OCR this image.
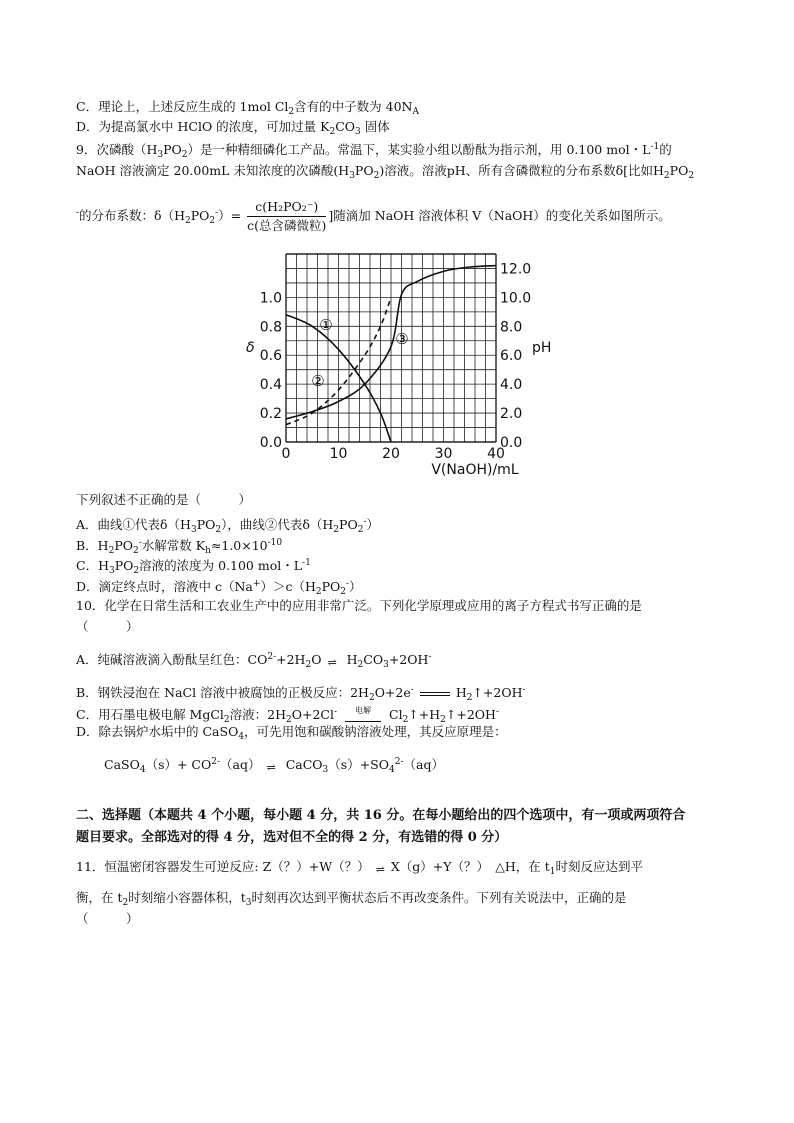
C．理论上，上述反应生成的 1mol $Cl_2$含有的中子数为 $40N_A$
D．为提高氯水中 HClO 的浓度，可加过量 $K_2CO_3$ 固体
9．次磷酸$(H_3PO_2)$是一种精细磷化工产品。常温下，某实验小组以酚酞为指示剂，用 0.100 mol・$L^{-1}$的
NaOH 溶液滴定 20.00mL 未知浓度的次磷酸$(H_3PO_2)$溶液。溶液pH、所有含磷微粒的分布系数δ[比如$H_2PO_2$
-的分布系数：$\delta(H_2PO_2^-)= \frac{\text{c(H₂PO₂⁻)}}{\text{c(总含磷微粒)}}$ ]随滴加 NaOH 溶液体积 V（NaOH）的变化关系如图所示。
0	10 20 30 40
0.0
0.2
0.4
0.6
0.8
1.0
0.0
2.0
4.0
6.0
8.0
10.0
12.0
δ	pH
V(NaOH)/mL
①
②
③
下列叙述不正确的是（　　　）
A．曲线①代表$\delta(H_3PO_2)$，曲线②代表$\delta(H_2PO_2^-)$
B．$H_2PO_2^-$水解常数 $K_h\approx 1.0\times 10^{-10}$
C．$H_3PO_2$溶液的浓度为 0.100 mol・$L^{-1}$
D．滴定终点时，溶液中 $c(Na^+)>c(H_2PO_2^-)$
10．化学在日常生活和工农业生产中的应用非常广泛。下列化学原理或应用的离子方程式书写正确的是
（　　　）
A．纯碱溶液滴入酚酞呈红色：$CO^{2-}+2H_2O$ ⇌ $H_2CO_3+2OH^-$
B．钢铁浸泡在 NaCl 溶液中被腐蚀的正极反应：$2H_2O+2e^-$	$H_2↑+2OH^-$
C．用石墨电极电解 MgCl$_2$溶液：$2H_2O+2Cl^-$ 电解 $Cl_2↑+H_2↑+2OH^-$
D．除去锅炉水垢中的 CaSO$_4$，可先用饱和碳酸钠溶液处理，其反应原理是：
CaSO$_4$（s）+ $CO^{2-}(aq)$ ⇌ $CaCO_3(s)+SO_4^{2-}(aq)$
二、选择题（本题共 4 个小题，每小题 4 分，共 16 分。在每小题给出的四个选项中，有一项或两项符合
题目要求。全部选对的得 4 分，选对但不全的得 2 分，有选错的得 0 分）
11．恒温密闭容器发生可逆反应: Z（？）+W（？） ⇌ X（g）+Y（？）　△H，在 $t_1$时刻反应达到平
衡，在 $t_2$时刻缩小容器体积，$t_3$时刻再次达到平衡状态后不再改变条件。下列有关说法中，正确的是
（　　　）
